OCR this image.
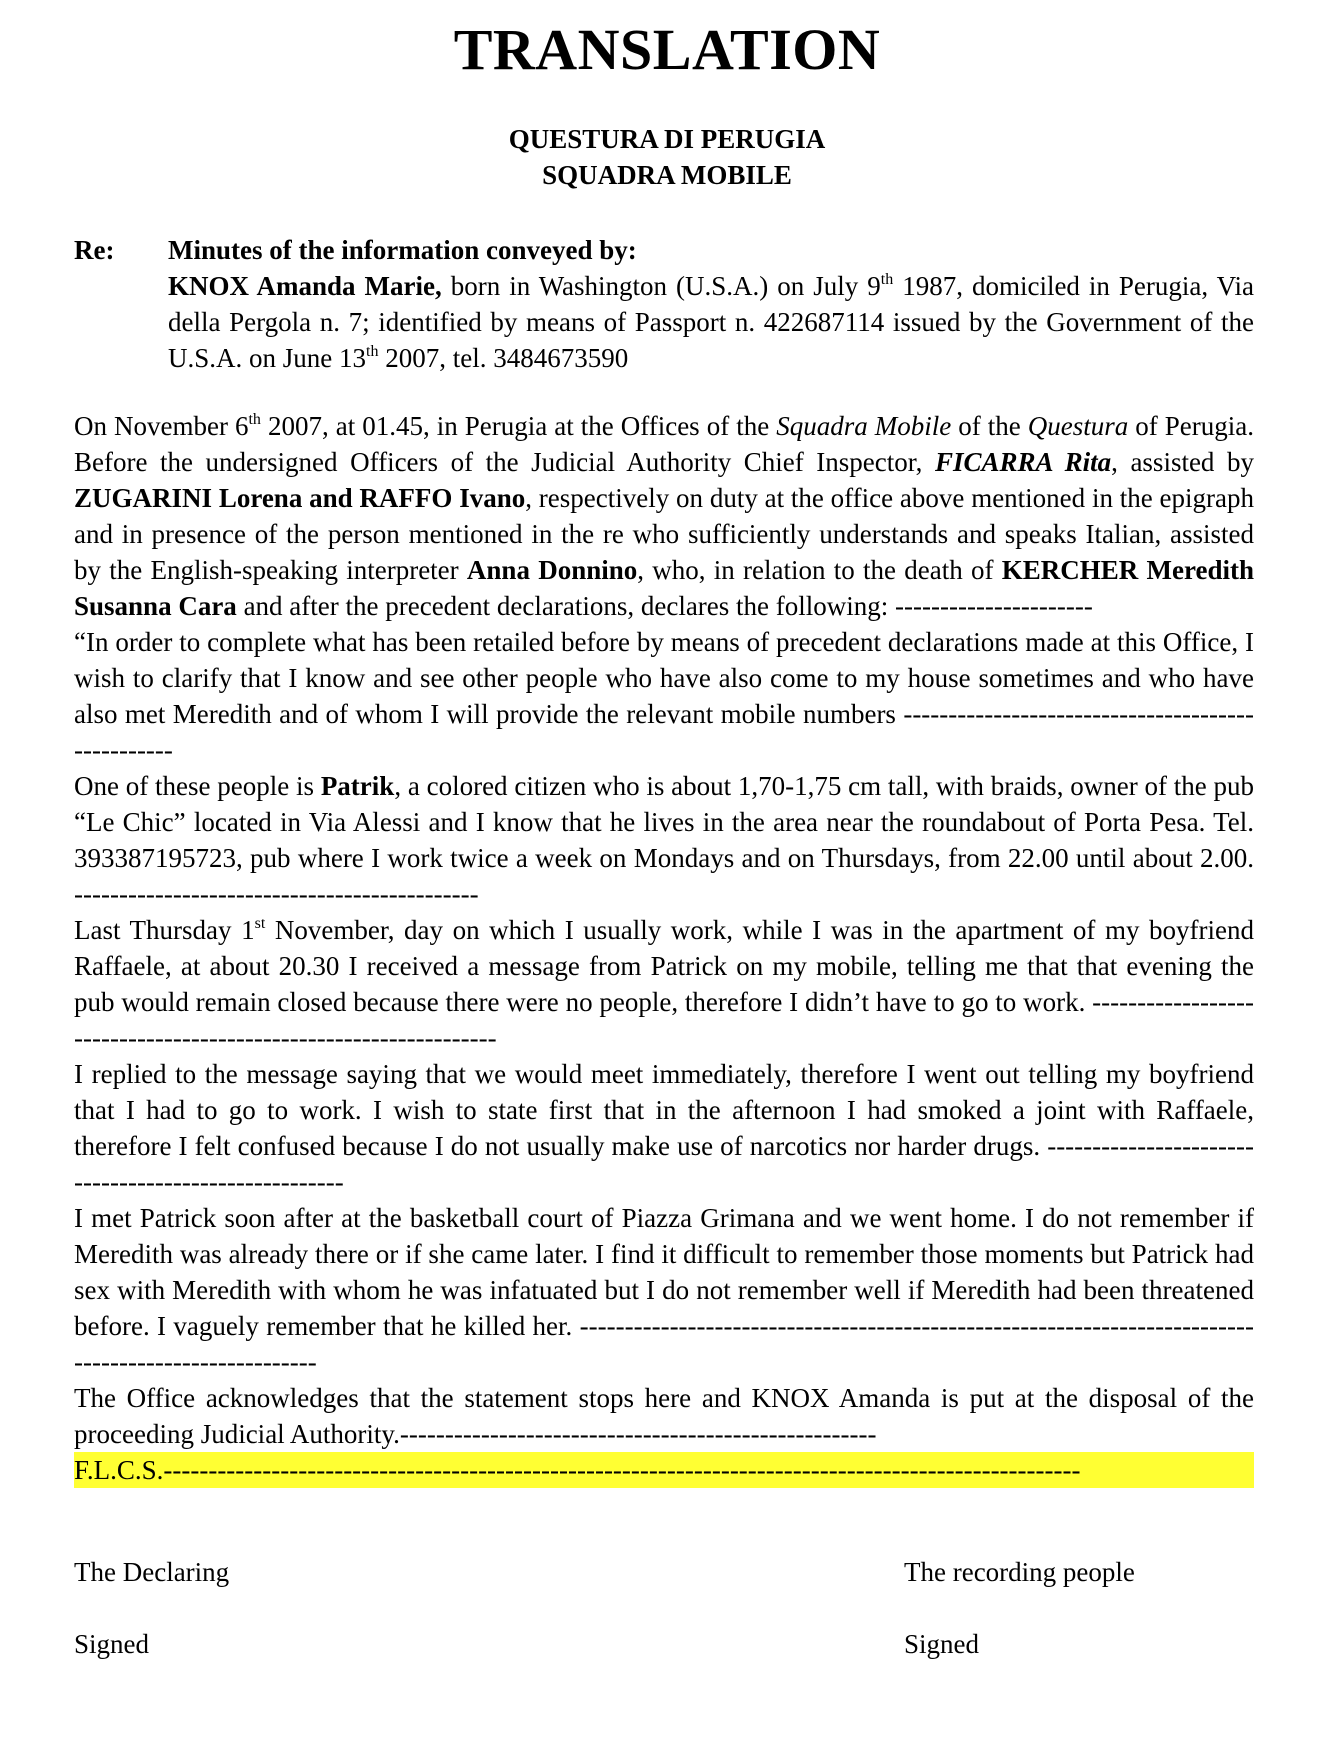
TRANSLATION
QUESTURA DI PERUGIA
SQUADRA MOBILE
Re: Minutes of the information conveyed by:
KNOX Amanda Marie, born in Washington (U.S.A.) on July 9th 1987, domiciled in Perugia, Via della Pergola n. 7; identified by means of Passport n. 422687114 issued by the Government of the U.S.A. on June 13th 2007, tel. 3484673590

On November 6th 2007, at 01.45, in Perugia at the Offices of the Squadra Mobile of the Questura of Perugia. Before the undersigned Officers of the Judicial Authority Chief Inspector, FICARRA Rita, assisted by ZUGARINI Lorena and RAFFO Ivano, respectively on duty at the office above mentioned in the epigraph and in presence of the person mentioned in the re who sufficiently understands and speaks Italian, assisted by the English-speaking interpreter Anna Donnino, who, in relation to the death of KERCHER Meredith Susanna Cara and after the precedent declarations, declares the following: ----------------------

“In order to complete what has been retailed before by means of precedent declarations made at this Office, I wish to clarify that I know and see other people who have also come to my house sometimes and who have also met Meredith and of whom I will provide the relevant mobile numbers --------------------------------------------------

One of these people is Patrik, a colored citizen who is about 1,70-1,75 cm tall, with braids, owner of the pub “Le Chic” located in Via Alessi and I know that he lives in the area near the roundabout of Porta Pesa. Tel. 393387195723, pub where I work twice a week on Mondays and on Thursdays, from 22.00 until about 2.00. ---------------------------------------------

Last Thursday 1st November, day on which I usually work, while I was in the apartment of my boyfriend Raffaele, at about 20.30 I received a message from Patrick on my mobile, telling me that that evening the pub would remain closed because there were no people, therefore I didn’t have to go to work. -----------------------------------------------------------------

I replied to the message saying that we would meet immediately, therefore I went out telling my boyfriend that I had to go to work. I wish to state first that in the afternoon I had smoked a joint with Raffaele, therefore I felt confused because I do not usually make use of narcotics nor harder drugs. -----------------------------------------------------

I met Patrick soon after at the basketball court of Piazza Grimana and we went home. I do not remember if Meredith was already there or if she came later. I find it difficult to remember those moments but Patrick had sex with Meredith with whom he was infatuated but I do not remember well if Meredith had been threatened before. I vaguely remember that he killed her. ------------------------------------------------------------------------------------------------------

The Office acknowledges that the statement stops here and KNOX Amanda is put at the disposal of the proceeding Judicial Authority.-----------------------------------------------------

F.L.C.S.------------------------------------------------------------------------------------------------------

The Declaring	The recording people
Signed	Signed
